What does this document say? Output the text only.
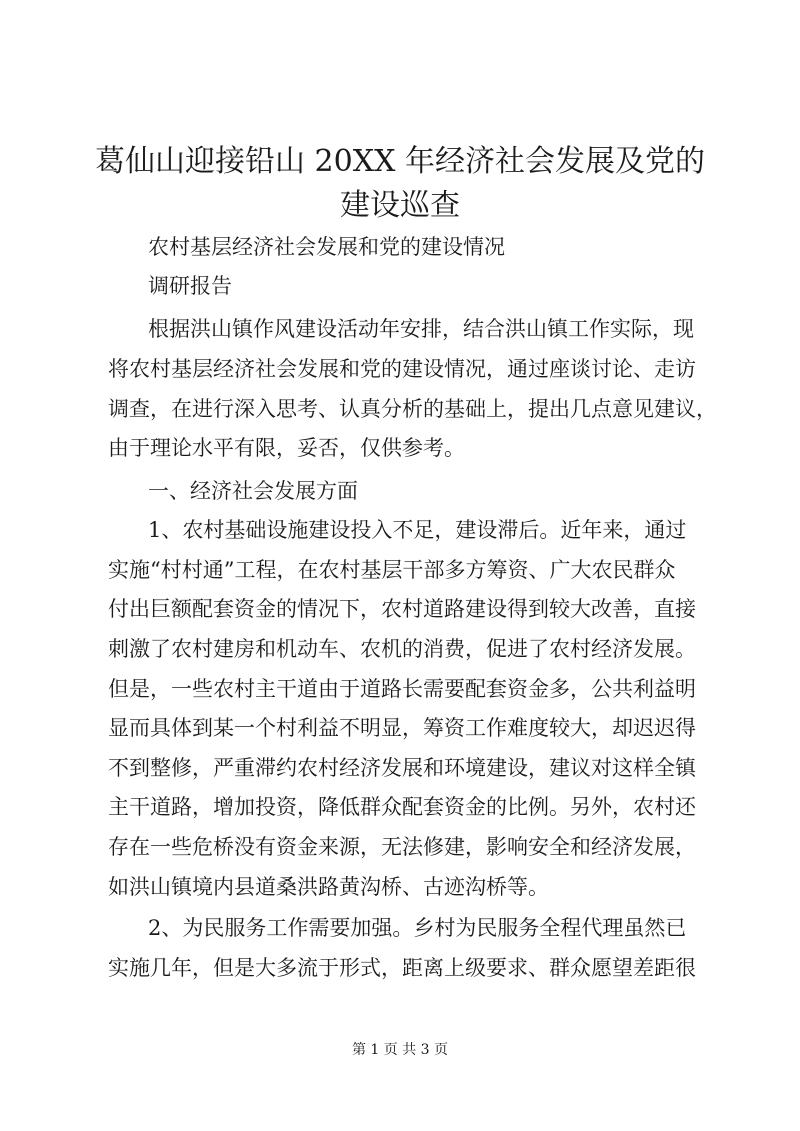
葛仙山迎接铅山 20XX 年经济社会发展及党的
建设巡查

农村基层经济社会发展和党的建设情况

调研报告

根据洪山镇作风建设活动年安排，结合洪山镇工作实际，现

将农村基层经济社会发展和党的建设情况，通过座谈讨论、走访

调查，在进行深入思考、认真分析的基础上，提出几点意见建议，

由于理论水平有限，妥否，仅供参考。

一、经济社会发展方面

1、农村基础设施建设投入不足，建设滞后。近年来，通过

实施“村村通”工程，在农村基层干部多方筹资、广大农民群众

付出巨额配套资金的情况下，农村道路建设得到较大改善，直接

刺激了农村建房和机动车、农机的消费，促进了农村经济发展。

但是，一些农村主干道由于道路长需要配套资金多，公共利益明

显而具体到某一个村利益不明显，筹资工作难度较大，却迟迟得

不到整修，严重滞约农村经济发展和环境建设，建议对这样全镇

主干道路，增加投资，降低群众配套资金的比例。另外，农村还

存在一些危桥没有资金来源，无法修建，影响安全和经济发展，

如洪山镇境内县道桑洪路黄沟桥、古迹沟桥等。

2、为民服务工作需要加强。乡村为民服务全程代理虽然已

实施几年，但是大多流于形式，距离上级要求、群众愿望差距很

第 1 页 共 3 页
